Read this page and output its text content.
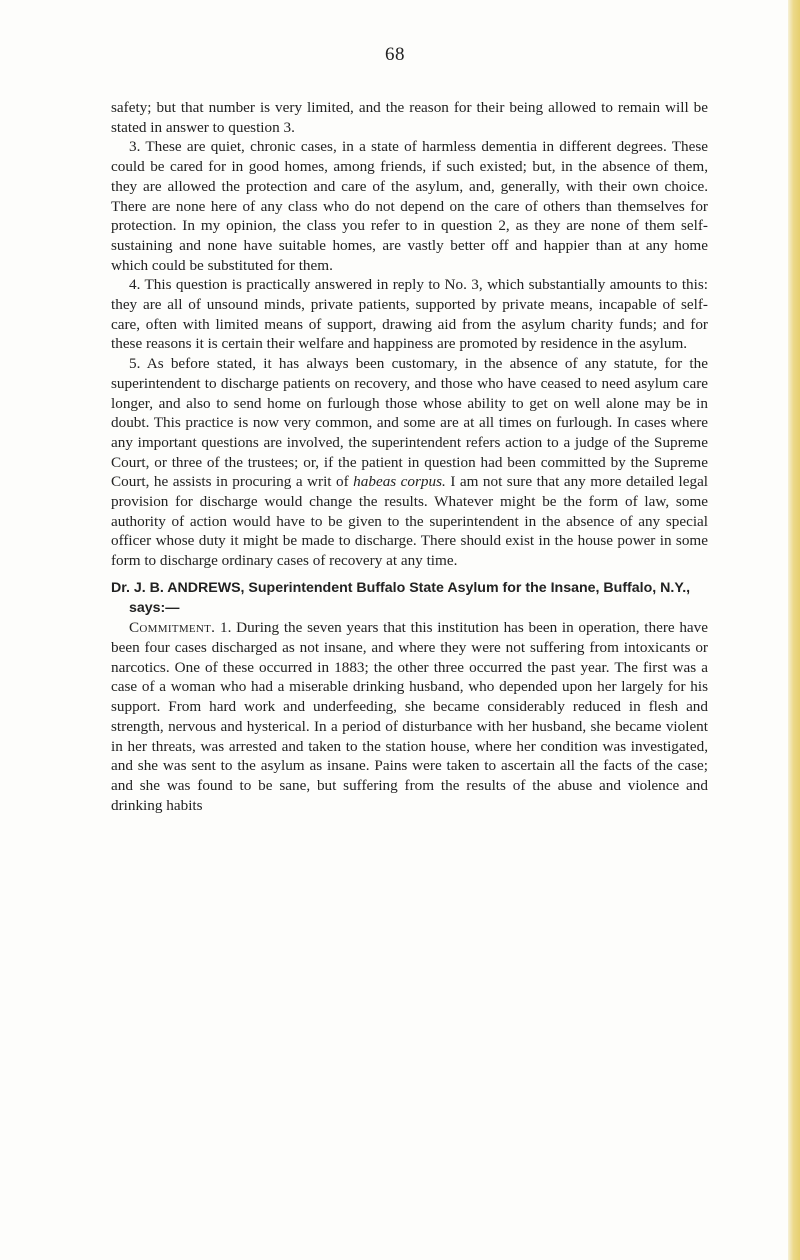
68

safety; but that number is very limited, and the reason for their being allowed to remain will be stated in answer to question 3.

3. These are quiet, chronic cases, in a state of harmless dementia in different degrees. These could be cared for in good homes, among friends, if such existed; but, in the absence of them, they are allowed the protection and care of the asylum, and, generally, with their own choice. There are none here of any class who do not depend on the care of others than themselves for protection. In my opinion, the class you refer to in question 2, as they are none of them self-sustaining and none have suitable homes, are vastly better off and happier than at any home which could be substituted for them.

4. This question is practically answered in reply to No. 3, which substantially amounts to this: they are all of unsound minds, private patients, supported by private means, incapable of self-care, often with limited means of support, drawing aid from the asylum charity funds; and for these reasons it is certain their welfare and happiness are promoted by residence in the asylum.

5. As before stated, it has always been customary, in the absence of any statute, for the superintendent to discharge patients on recovery, and those who have ceased to need asylum care longer, and also to send home on furlough those whose ability to get on well alone may be in doubt. This practice is now very common, and some are at all times on furlough. In cases where any important questions are involved, the superintendent refers action to a judge of the Supreme Court, or three of the trustees; or, if the patient in question had been committed by the Supreme Court, he assists in procuring a writ of habeas corpus. I am not sure that any more detailed legal provision for discharge would change the results. Whatever might be the form of law, some authority of action would have to be given to the superintendent in the absence of any special officer whose duty it might be made to discharge. There should exist in the house power in some form to discharge ordinary cases of recovery at any time.

Dr. J. B. ANDREWS, Superintendent Buffalo State Asylum for the Insane, Buffalo, N.Y., says:—

Commitment. 1. During the seven years that this institution has been in operation, there have been four cases discharged as not insane, and where they were not suffering from intoxicants or narcotics. One of these occurred in 1883; the other three occurred the past year. The first was a case of a woman who had a miserable drinking husband, who depended upon her largely for his support. From hard work and underfeeding, she became considerably reduced in flesh and strength, nervous and hysterical. In a period of disturbance with her husband, she became violent in her threats, was arrested and taken to the station house, where her condition was investigated, and she was sent to the asylum as insane. Pains were taken to ascertain all the facts of the case; and she was found to be sane, but suffering from the results of the abuse and violence and drinking habits
